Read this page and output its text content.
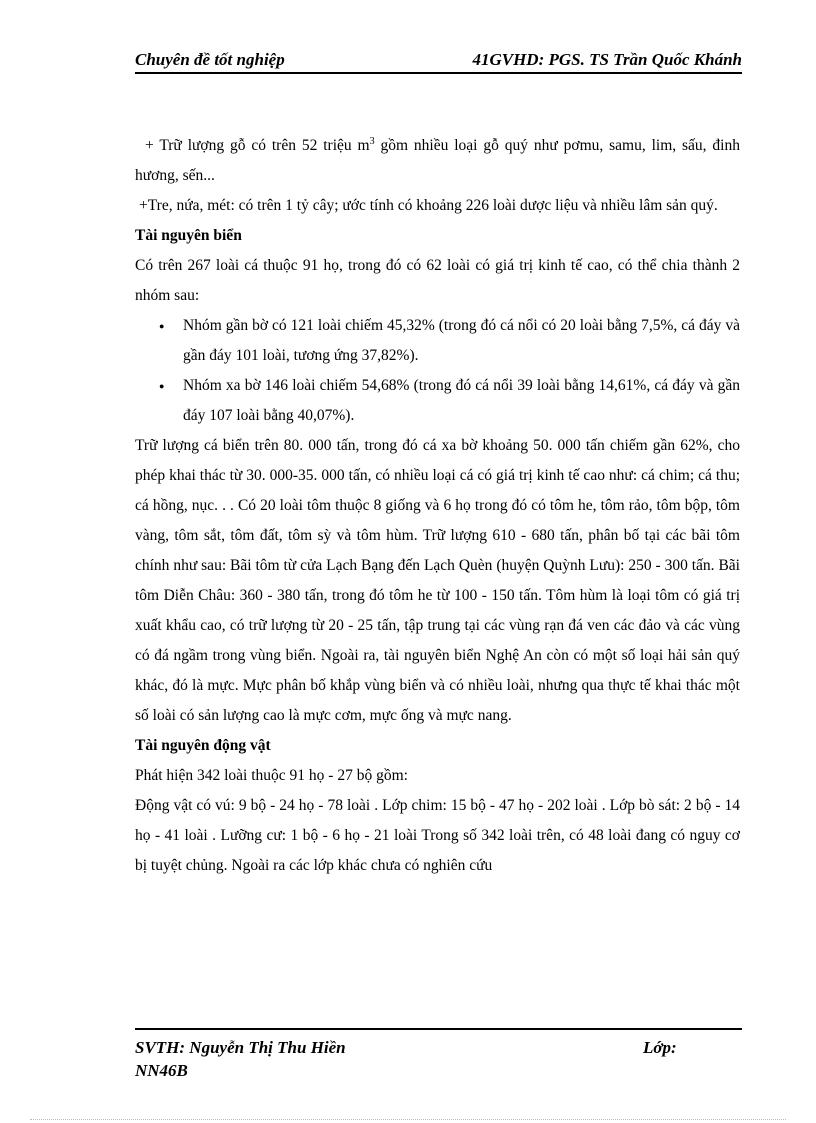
Chuyên đề tốt nghiệp	41GVHD: PGS. TS Trần Quốc Khánh

+ Trữ lượng gỗ có trên 52 triệu $m^3$ gồm nhiều loại gỗ quý như pơmu, samu, lim, sấu, đinh hương, sến...

+Tre, nứa, mét: có trên 1 tỷ cây; ước tính có khoảng 226 loài dược liệu và nhiều lâm sản quý.

Tài nguyên biển

Có trên 267 loài cá thuộc 91 họ, trong đó có 62 loài có giá trị kinh tế cao, có thể chia thành 2 nhóm sau:

● Nhóm gần bờ có 121 loài chiếm 45,32% (trong đó cá nổi có 20 loài bằng 7,5%, cá đáy và gần đáy 101 loài, tương ứng 37,82%).
● Nhóm xa bờ 146 loài chiếm 54,68% (trong đó cá nổi 39 loài bằng 14,61%, cá đáy và gần đáy 107 loài bằng 40,07%).

Trữ lượng cá biển trên 80. 000 tấn, trong đó cá xa bờ khoảng 50. 000 tấn chiếm gần 62%, cho phép khai thác từ 30. 000-35. 000 tấn, có nhiều loại cá có giá trị kinh tế cao như: cá chim; cá thu; cá hồng, nục. . . Có 20 loài tôm thuộc 8 giống và 6 họ trong đó có tôm he, tôm rảo, tôm bộp, tôm vàng, tôm sắt, tôm đất, tôm sỳ và tôm hùm. Trữ lượng 610 - 680 tấn, phân bố tại các bãi tôm chính như sau: Bãi tôm từ cửa Lạch Bạng đến Lạch Quèn (huyện Quỳnh Lưu): 250 - 300 tấn. Bãi tôm Diễn Châu: 360 - 380 tấn, trong đó tôm he từ 100 - 150 tấn. Tôm hùm là loại tôm có giá trị xuất khẩu cao, có trữ lượng từ 20 - 25 tấn, tập trung tại các vùng rạn đá ven các đảo và các vùng có đá ngầm trong vùng biển. Ngoài ra, tài nguyên biển Nghệ An còn có một số loại hải sản quý khác, đó là mực. Mực phân bố khắp vùng biển và có nhiều loài, nhưng qua thực tế khai thác một số loài có sản lượng cao là mực cơm, mực ống và mực nang.

Tài nguyên động vật

Phát hiện 342 loài thuộc 91 họ - 27 bộ gồm:

Động vật có vú: 9 bộ - 24 họ - 78 loài . Lớp chim: 15 bộ - 47 họ - 202 loài . Lớp bò sát: 2 bộ - 14 họ - 41 loài . Lưỡng cư: 1 bộ - 6 họ - 21 loài Trong số 342 loài trên, có 48 loài đang có nguy cơ bị tuyệt chủng. Ngoài ra các lớp khác chưa có nghiên cứu

SVTH: Nguyễn Thị Thu Hiền	Lớp:
NN46B
